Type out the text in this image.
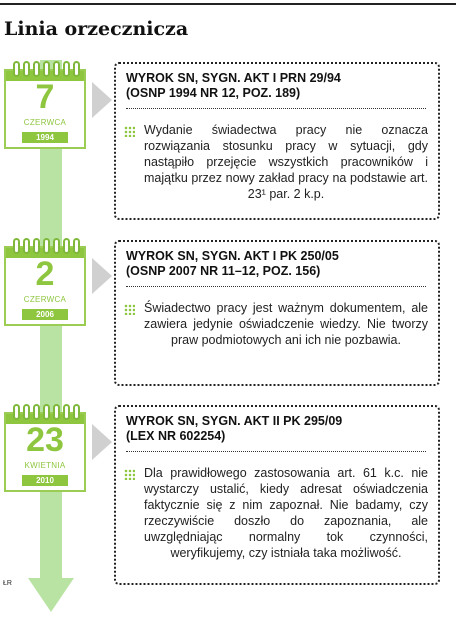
Linia orzecznicza
7
CZERWCA
1994
WYROK SN, SYGN. AKT I PRN 29/94
(OSNP 1994 NR 12, POZ. 189)

Wydanie świadectwa pracy nie oznacza rozwiązania stosunku pracy w sytuacji, gdy nastąpiło przejęcie wszystkich pracowników i majątku przez nowy zakład pracy na podstawie art. 23¹ par. 2 k.p.

2
CZERWCA
2006
WYROK SN, SYGN. AKT I PK 250/05
(OSNP 2007 NR 11–12, POZ. 156)

Świadectwo pracy jest ważnym dokumentem, ale zawiera jedynie oświadczenie wiedzy. Nie tworzy praw podmiotowych ani ich nie pozbawia.

23
KWIETNIA
2010
WYROK SN, SYGN. AKT II PK 295/09
(LEX NR 602254)

Dla prawidłowego zastosowania art. 61 k.c. nie wystarczy ustalić, kiedy adresat oświadczenia faktycznie się z nim zapoznał. Nie badamy, czy rzeczywiście doszło do zapoznania, ale uwzględniając normalny tok czynności, weryfikujemy, czy istniała taka możliwość.

ŁR
